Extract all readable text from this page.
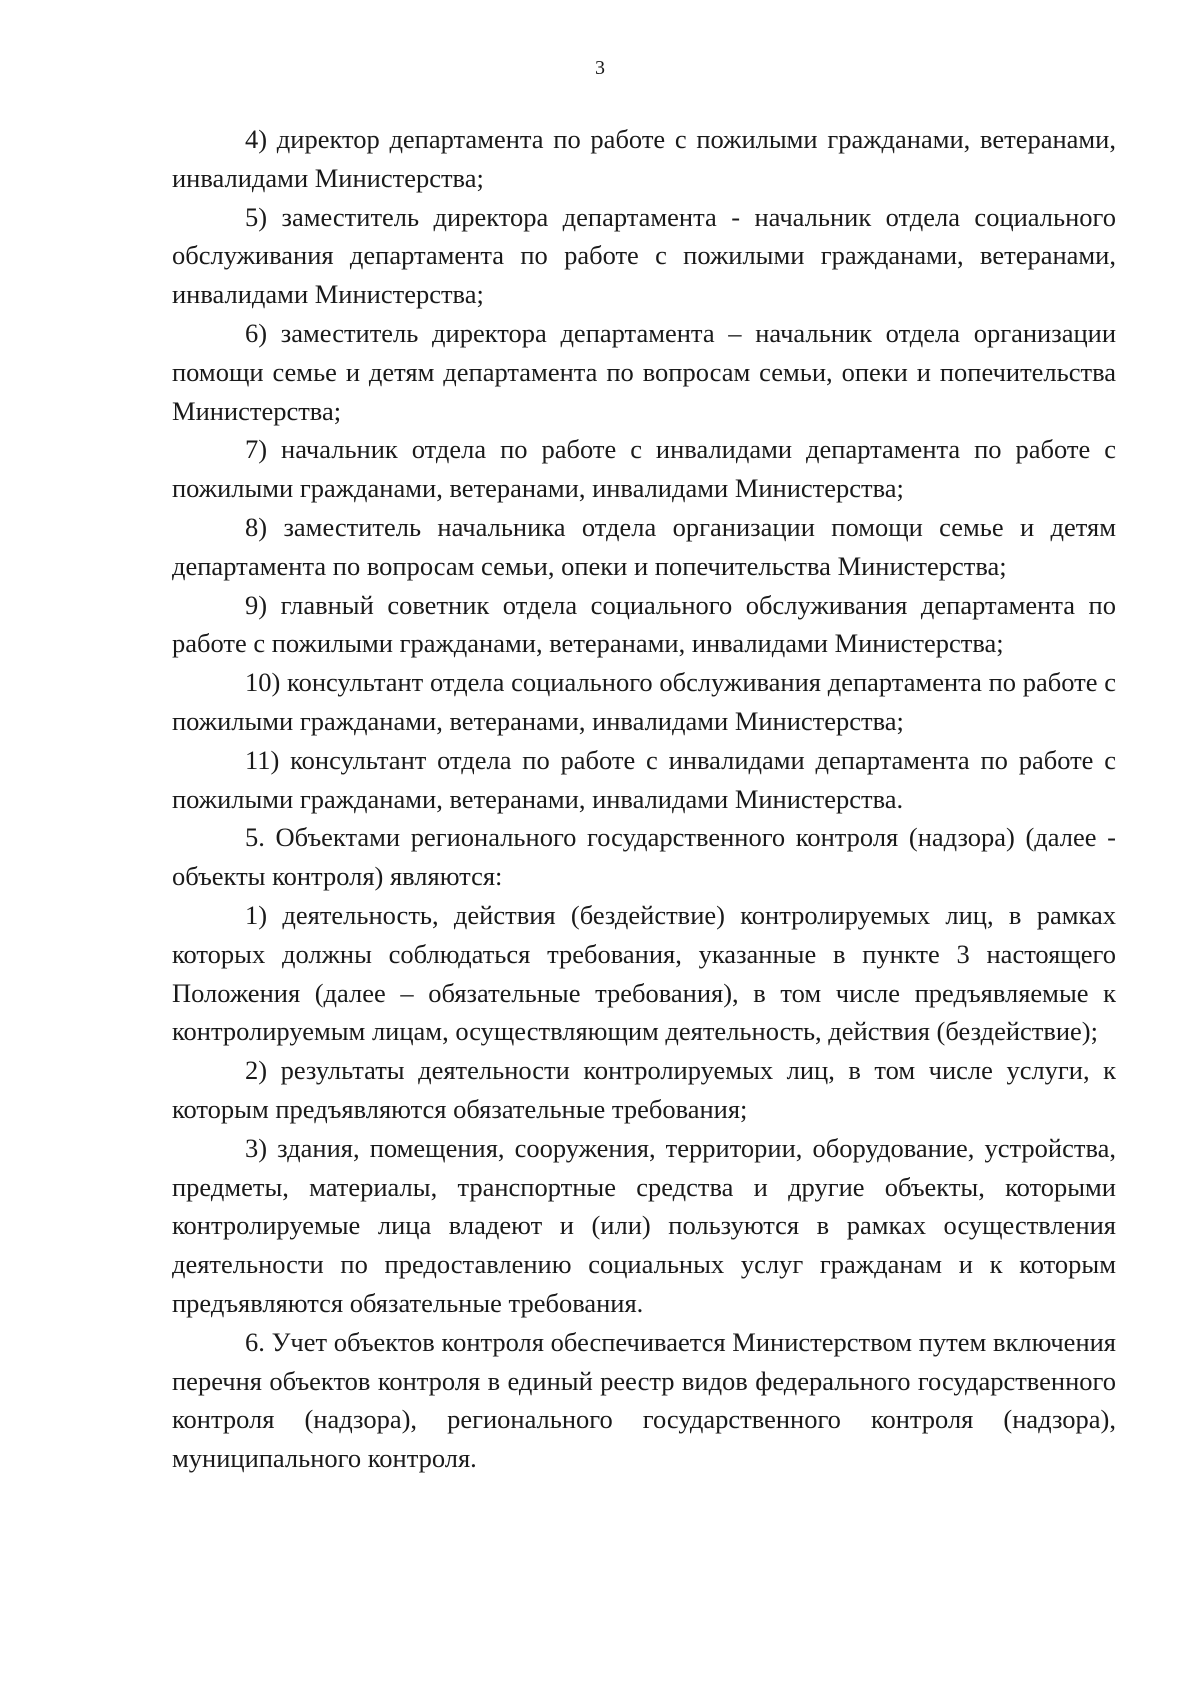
3

4) директор департамента по работе с пожилыми гражданами, ветеранами, инвалидами Министерства;

5) заместитель директора департамента - начальник отдела социального обслуживания департамента по работе с пожилыми гражданами, ветеранами, инвалидами Министерства;

6) заместитель директора департамента – начальник отдела организации помощи семье и детям департамента по вопросам семьи, опеки и попечительства Министерства;

7) начальник отдела по работе с инвалидами департамента по работе с пожилыми гражданами, ветеранами, инвалидами Министерства;

8) заместитель начальника отдела организации помощи семье и детям департамента по вопросам семьи, опеки и попечительства Министерства;

9) главный советник отдела социального обслуживания департамента по работе с пожилыми гражданами, ветеранами, инвалидами Министерства;

10) консультант отдела социального обслуживания департамента по работе с пожилыми гражданами, ветеранами, инвалидами Министерства;

11) консультант отдела по работе с инвалидами департамента по работе с пожилыми гражданами, ветеранами, инвалидами Министерства.

5. Объектами регионального государственного контроля (надзора) (далее - объекты контроля) являются:

1) деятельность, действия (бездействие) контролируемых лиц, в рамках которых должны соблюдаться требования, указанные в пункте 3 настоящего Положения (далее – обязательные требования), в том числе предъявляемые к контролируемым лицам, осуществляющим деятельность, действия (бездействие);

2) результаты деятельности контролируемых лиц, в том числе услуги, к которым предъявляются обязательные требования;

3) здания, помещения, сооружения, территории, оборудование, устройства, предметы, материалы, транспортные средства и другие объекты, которыми контролируемые лица владеют и (или) пользуются в рамках осуществления деятельности по предоставлению социальных услуг гражданам и к которым предъявляются обязательные требования.

6. Учет объектов контроля обеспечивается Министерством путем включения перечня объектов контроля в единый реестр видов федерального государственного контроля (надзора), регионального государственного контроля (надзора), муниципального контроля.
